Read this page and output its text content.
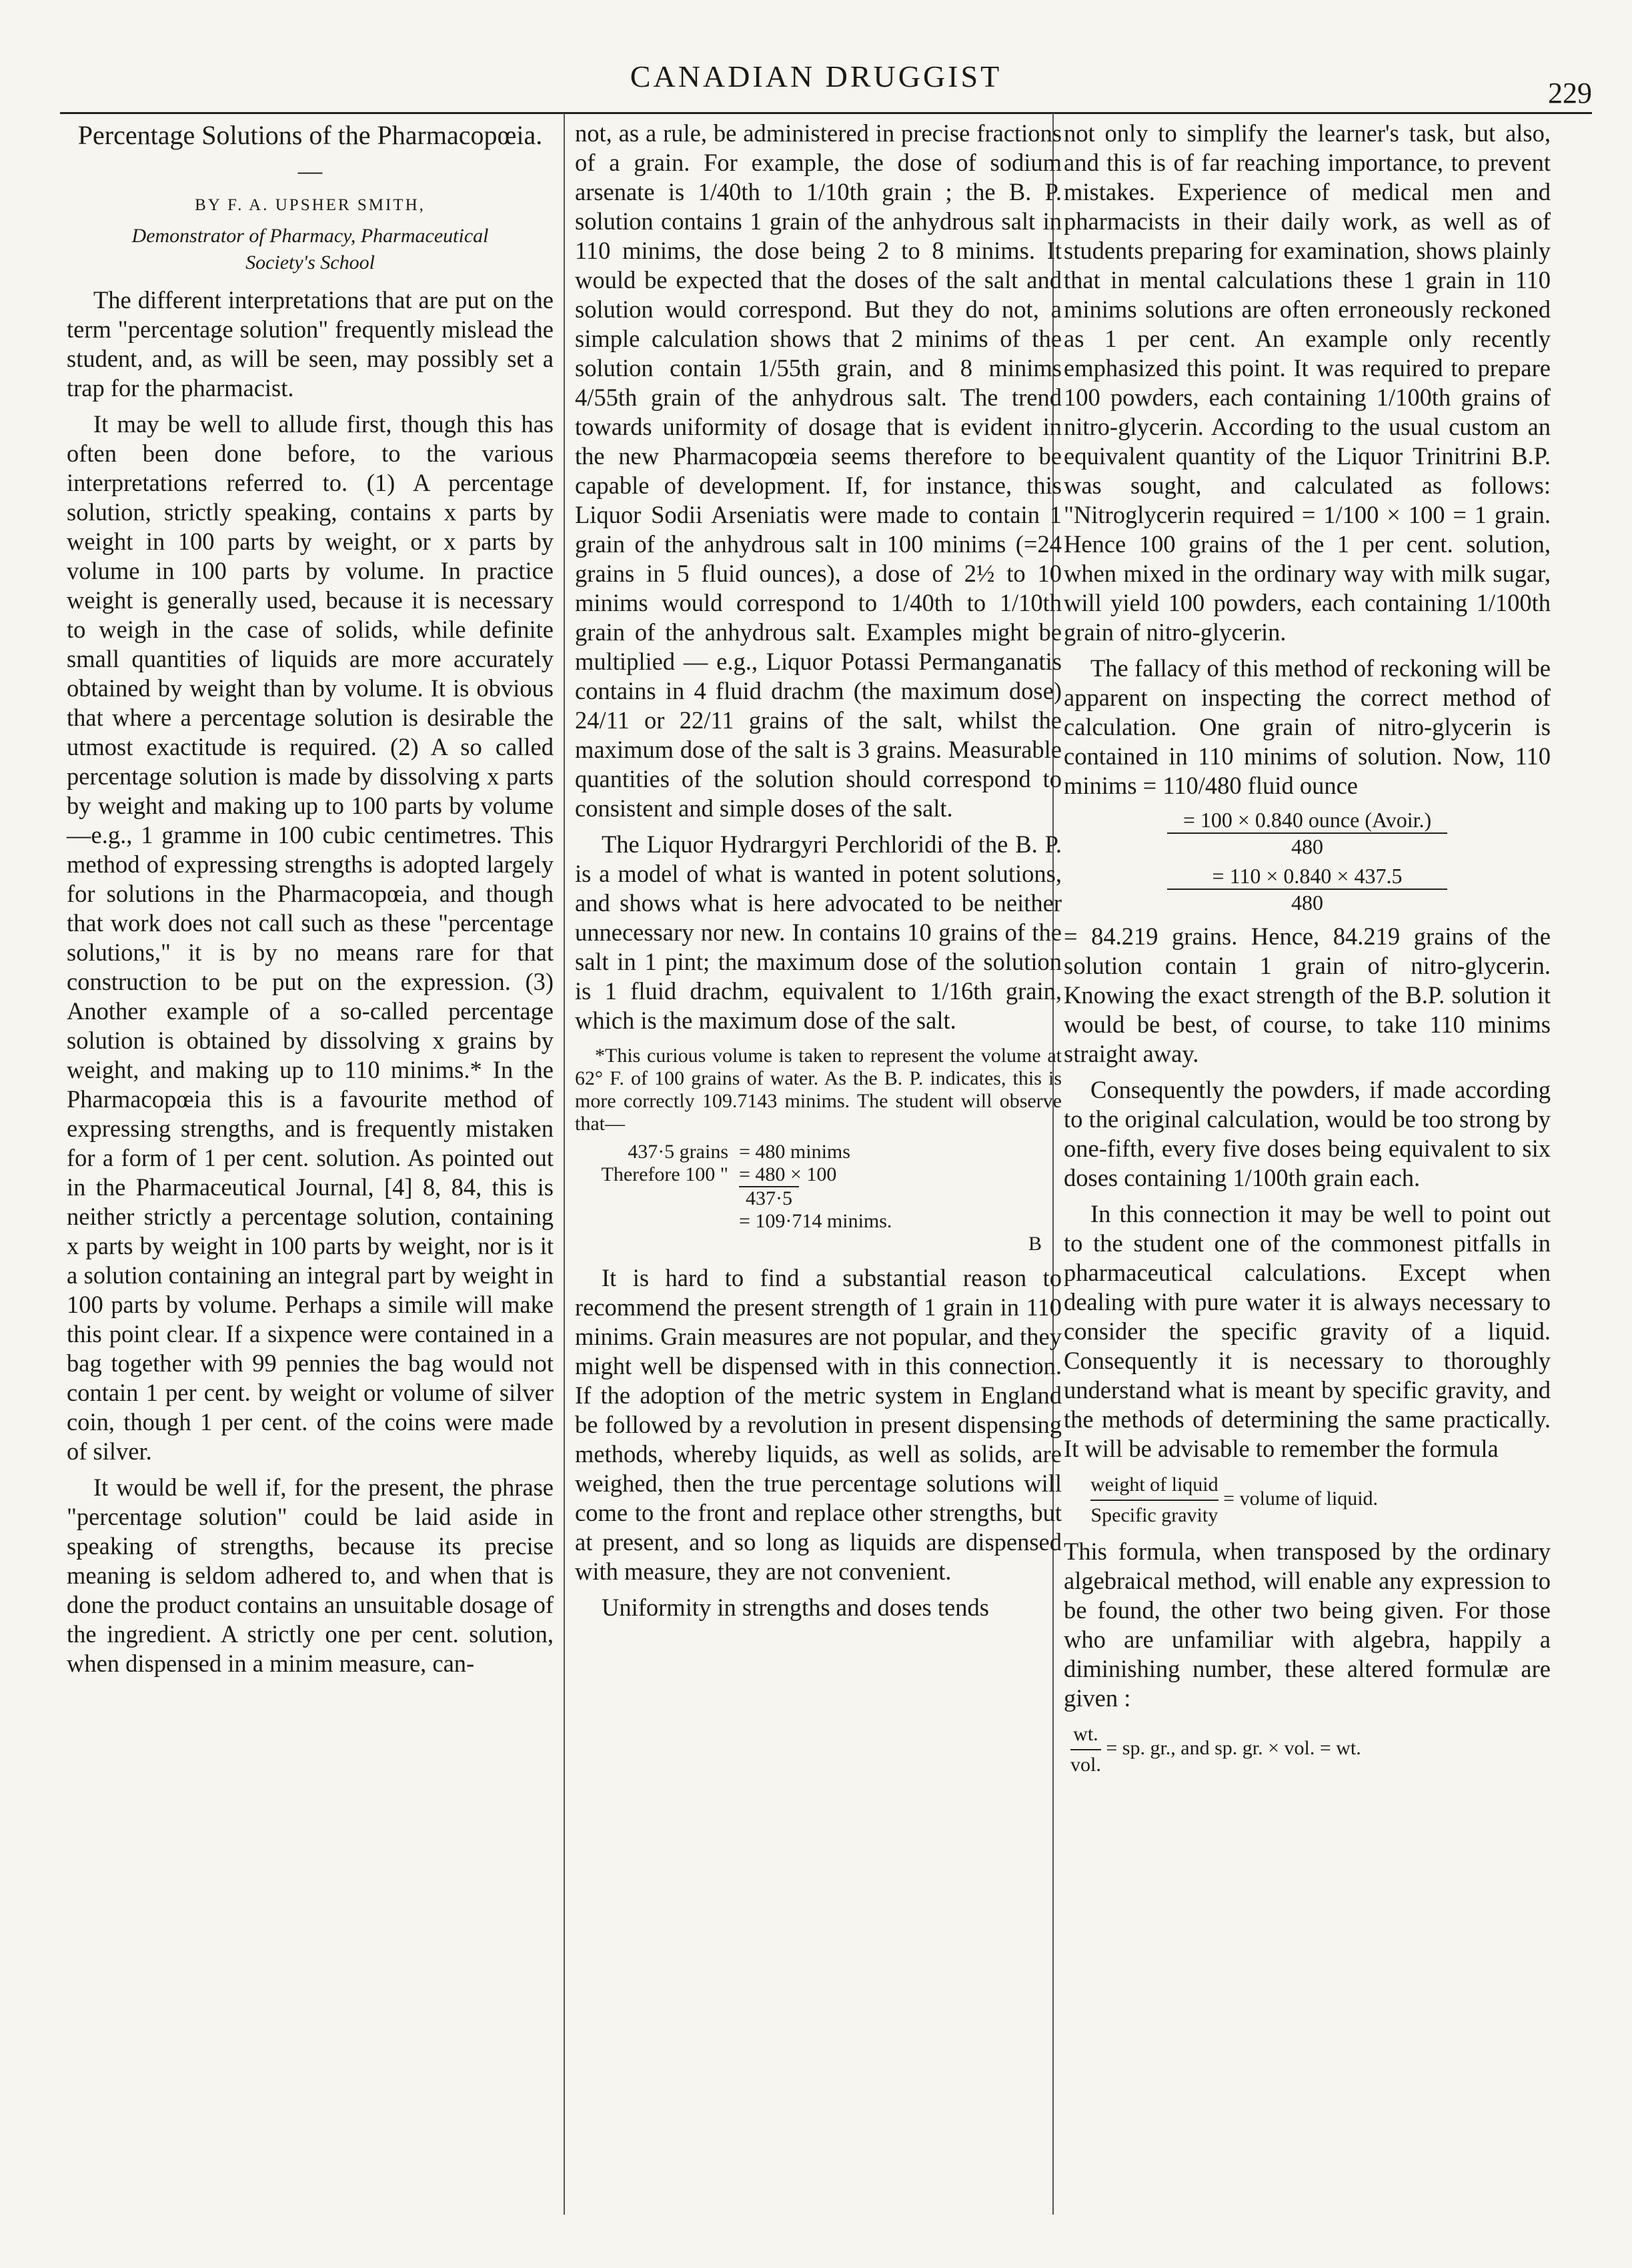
CANADIAN DRUGGIST	229
Percentage Solutions of the Pharmacopœia.
—
BY F. A. UPSHER SMITH,
Demonstrator of Pharmacy, Pharmaceutical
Society's School

The different interpretations that are put on the term "percentage solution" frequently mislead the student, and, as will be seen, may possibly set a trap for the pharmacist.

It may be well to allude first, though this has often been done before, to the various interpretations referred to. (1) A percentage solution, strictly speaking, contains x parts by weight in 100 parts by weight, or x parts by volume in 100 parts by volume. In practice weight is generally used, because it is necessary to weigh in the case of solids, while definite small quantities of liquids are more accurately obtained by weight than by volume. It is obvious that where a percentage solution is desirable the utmost exactitude is required. (2) A so called percentage solution is made by dissolving x parts by weight and making up to 100 parts by volume—e.g., 1 gramme in 100 cubic centimetres. This method of expressing strengths is adopted largely for solutions in the Pharmacopœia, and though that work does not call such as these "percentage solutions," it is by no means rare for that construction to be put on the expression. (3) Another example of a so-called percentage solution is obtained by dissolving x grains by weight, and making up to 110 minims.* In the Pharmacopœia this is a favourite method of expressing strengths, and is frequently mistaken for a form of 1 per cent. solution. As pointed out in the Pharmaceutical Journal, [4] 8, 84, this is neither strictly a percentage solution, containing x parts by weight in 100 parts by weight, nor is it a solution containing an integral part by weight in 100 parts by volume. Perhaps a simile will make this point clear. If a sixpence were contained in a bag together with 99 pennies the bag would not contain 1 per cent. by weight or volume of silver coin, though 1 per cent. of the coins were made of silver.

It would be well if, for the present, the phrase "percentage solution" could be laid aside in speaking of strengths, because its precise meaning is seldom adhered to, and when that is done the product contains an unsuitable dosage of the ingredient. A strictly one per cent. solution, when dispensed in a minim measure, can-

not, as a rule, be administered in precise fractions of a grain. For example, the dose of sodium arsenate is 1/40th to 1/10th grain ; the B. P. solution contains 1 grain of the anhydrous salt in 110 minims, the dose being 2 to 8 minims. It would be expected that the doses of the salt and solution would correspond. But they do not, a simple calculation shows that 2 minims of the solution contain 1/55th grain, and 8 minims 4/55th grain of the anhydrous salt. The trend towards uniformity of dosage that is evident in the new Pharmacopœia seems therefore to be capable of development. If, for instance, this Liquor Sodii Arseniatis were made to contain 1 grain of the anhydrous salt in 100 minims (=24 grains in 5 fluid ounces), a dose of 2½ to 10 minims would correspond to 1/40th to 1/10th grain of the anhydrous salt. Examples might be multiplied — e.g., Liquor Potassi Permanganatis contains in 4 fluid drachm (the maximum dose) 24/11 or 22/11 grains of the salt, whilst the maximum dose of the salt is 3 grains. Measurable quantities of the solution should correspond to consistent and simple doses of the salt.

The Liquor Hydrargyri Perchloridi of the B. P. is a model of what is wanted in potent solutions, and shows what is here advocated to be neither unnecessary nor new. In contains 10 grains of the salt in 1 pint; the maximum dose of the solution is 1 fluid drachm, equivalent to 1/16th grain, which is the maximum dose of the salt.

*This curious volume is taken to represent the volume at 62° F. of 100 grains of water. As the B. P. indicates, this is more correctly 109.7143 minims. The student will observe that—
437·5 grains = 480 minims
Therefore 100 " = 480 × 100
437·5
= 109·714 minims.
B

It is hard to find a substantial reason to recommend the present strength of 1 grain in 110 minims. Grain measures are not popular, and they might well be dispensed with in this connection. If the adoption of the metric system in England be followed by a revolution in present dispensing methods, whereby liquids, as well as solids, are weighed, then the true percentage solutions will come to the front and replace other strengths, but at present, and so long as liquids are dispensed with measure, they are not convenient.

Uniformity in strengths and doses tends

not only to simplify the learner's task, but also, and this is of far reaching importance, to prevent mistakes. Experience of medical men and pharmacists in their daily work, as well as of students preparing for examination, shows plainly that in mental calculations these 1 grain in 110 minims solutions are often erroneously reckoned as 1 per cent. An example only recently emphasized this point. It was required to prepare 100 powders, each containing 1/100th grains of nitro-glycerin. According to the usual custom an equivalent quantity of the Liquor Trinitrini B.P. was sought, and calculated as follows: "Nitroglycerin required = 1/100 × 100 = 1 grain. Hence 100 grains of the 1 per cent. solution, when mixed in the ordinary way with milk sugar, will yield 100 powders, each containing 1/100th grain of nitro-glycerin.

The fallacy of this method of reckoning will be apparent on inspecting the correct method of calculation. One grain of nitro-glycerin is contained in 110 minims of solution. Now, 110 minims = 110/480 fluid ounce

= 100 × 0.840 ounce (Avoir.)
480
= 110 × 0.840 × 437.5
480

= 84.219 grains. Hence, 84.219 grains of the solution contain 1 grain of nitro-glycerin. Knowing the exact strength of the B.P. solution it would be best, of course, to take 110 minims straight away.

Consequently the powders, if made according to the original calculation, would be too strong by one-fifth, every five doses being equivalent to six doses containing 1/100th grain each.

In this connection it may be well to point out to the student one of the commonest pitfalls in pharmaceutical calculations. Except when dealing with pure water it is always necessary to consider the specific gravity of a liquid. Consequently it is necessary to thoroughly understand what is meant by specific gravity, and the methods of determining the same practically. It will be advisable to remember the formula

$\frac{\text{weight of liquid}}{\text{Specific gravity}}$ = volume of liquid.

This formula, when transposed by the ordinary algebraical method, will enable any expression to be found, the other two being given. For those who are unfamiliar with algebra, happily a diminishing number, these altered formulæ are given :

$\frac{wt.}{\text{vol.}}$ = sp. gr., and sp. gr. × vol. = wt.
